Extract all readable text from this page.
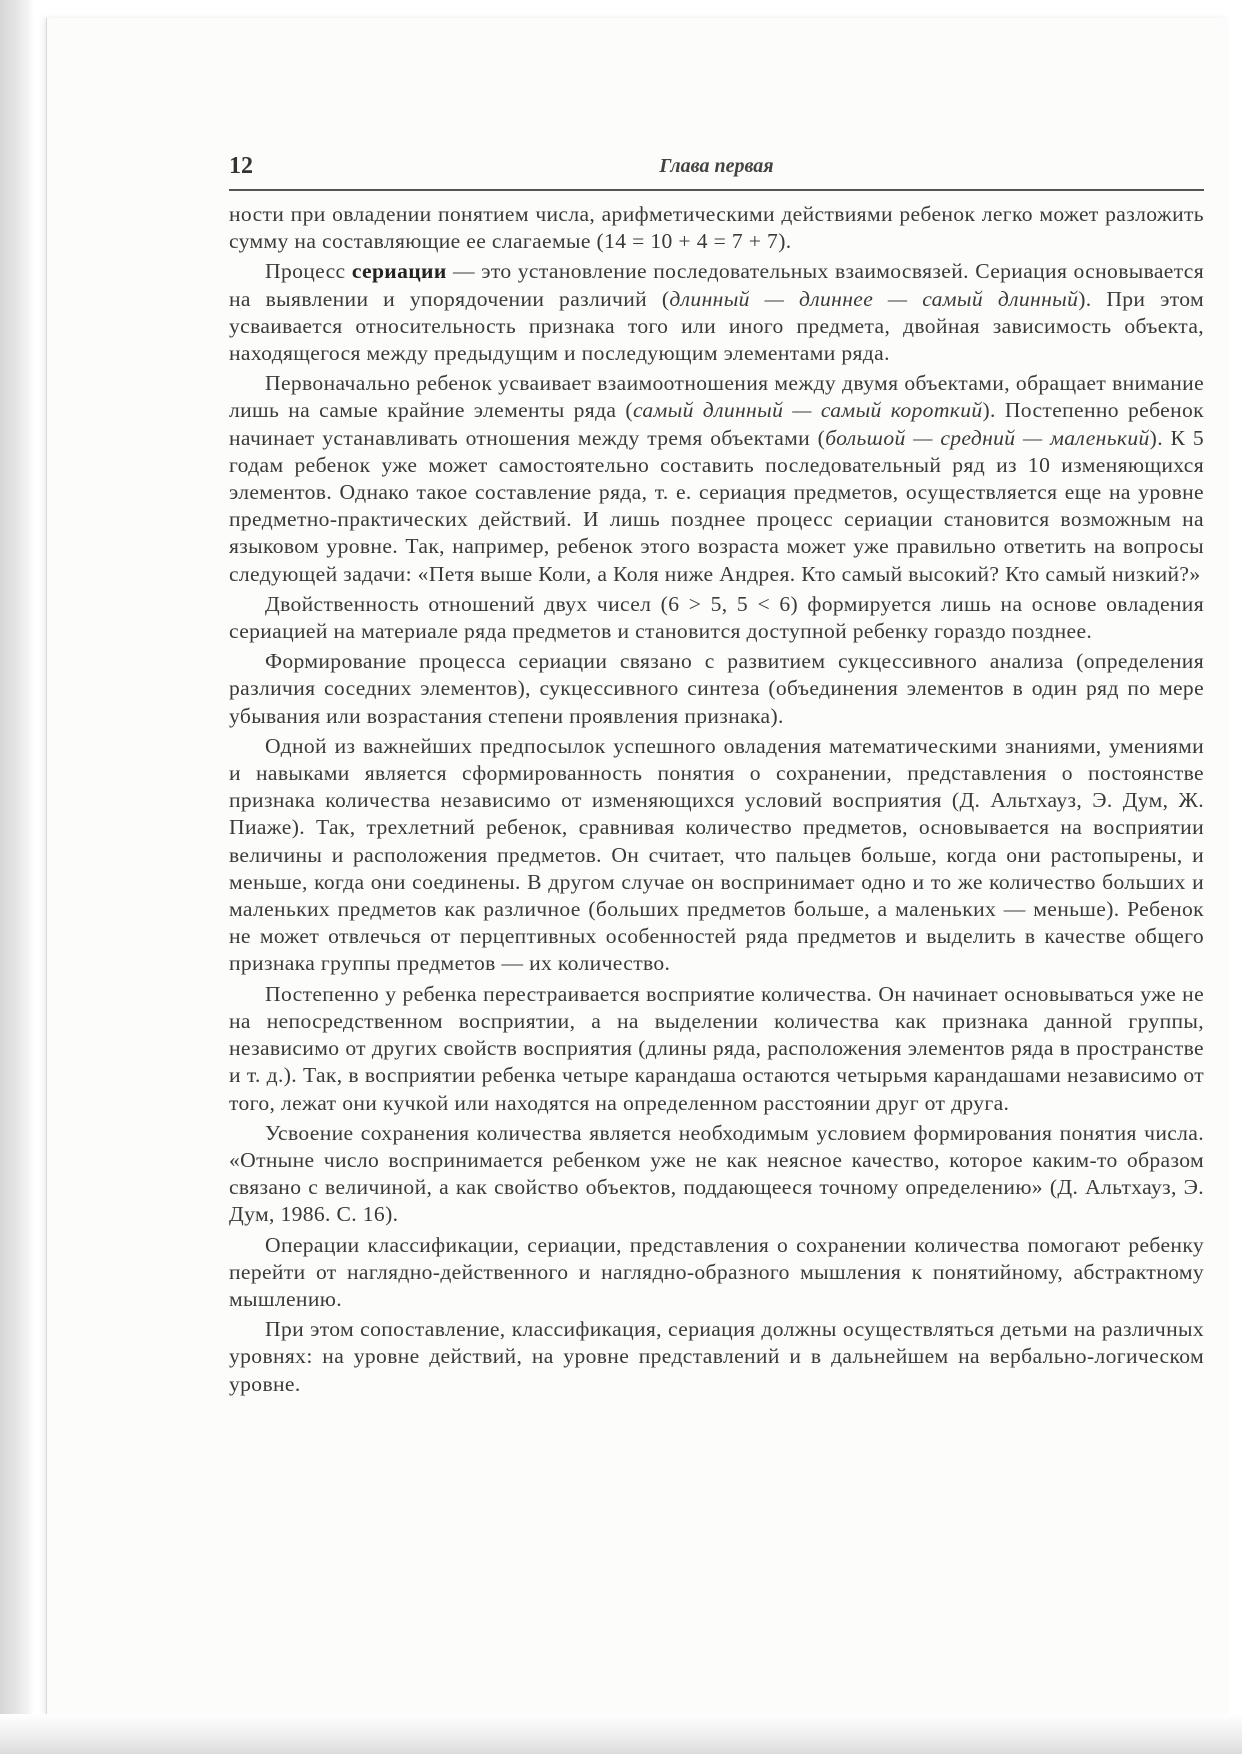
12	Глава первая

ности при овладении понятием числа, арифметическими действиями ребенок легко может разложить сумму на составляющие ее слагаемые (14 = 10 + 4 = 7 + 7).

Процесс сериации — это установление последовательных взаимосвязей. Сериация основывается на выявлении и упорядочении различий (длинный — длиннее — самый длинный). При этом усваивается относительность признака того или иного предмета, двойная зависимость объекта, находящегося между предыдущим и последующим элементами ряда.

Первоначально ребенок усваивает взаимоотношения между двумя объектами, обращает внимание лишь на самые крайние элементы ряда (самый длинный — самый короткий). Постепенно ребенок начинает устанавливать отношения между тремя объектами (большой — средний — маленький). К 5 годам ребенок уже может самостоятельно составить последовательный ряд из 10 изменяющихся элементов. Однако такое составление ряда, т. е. сериация предметов, осуществляется еще на уровне предметно-практических действий. И лишь позднее процесс сериации становится возможным на языковом уровне. Так, например, ребенок этого возраста может уже правильно ответить на вопросы следующей задачи: «Петя выше Коли, а Коля ниже Андрея. Кто самый высокий? Кто самый низкий?»

Двойственность отношений двух чисел (6 > 5, 5 < 6) формируется лишь на основе овладения сериацией на материале ряда предметов и становится доступной ребенку гораздо позднее.

Формирование процесса сериации связано с развитием сукцессивного анализа (определения различия соседних элементов), сукцессивного синтеза (объединения элементов в один ряд по мере убывания или возрастания степени проявления признака).

Одной из важнейших предпосылок успешного овладения математическими знаниями, умениями и навыками является сформированность понятия о сохранении, представления о постоянстве признака количества независимо от изменяющихся условий восприятия (Д. Альтхауз, Э. Дум, Ж. Пиаже). Так, трехлетний ребенок, сравнивая количество предметов, основывается на восприятии величины и расположения предметов. Он считает, что пальцев больше, когда они растопырены, и меньше, когда они соединены. В другом случае он воспринимает одно и то же количество больших и маленьких предметов как различное (больших предметов больше, а маленьких — меньше). Ребенок не может отвлечься от перцептивных особенностей ряда предметов и выделить в качестве общего признака группы предметов — их количество.

Постепенно у ребенка перестраивается восприятие количества. Он начинает основываться уже не на непосредственном восприятии, а на выделении количества как признака данной группы, независимо от других свойств восприятия (длины ряда, расположения элементов ряда в пространстве и т. д.). Так, в восприятии ребенка четыре карандаша остаются четырьмя карандашами независимо от того, лежат они кучкой или находятся на определенном расстоянии друг от друга.

Усвоение сохранения количества является необходимым условием формирования понятия числа. «Отныне число воспринимается ребенком уже не как неясное качество, которое каким-то образом связано с величиной, а как свойство объектов, поддающееся точному определению» (Д. Альтхауз, Э. Дум, 1986. С. 16).

Операции классификации, сериации, представления о сохранении количества помогают ребенку перейти от наглядно-действенного и наглядно-образного мышления к понятийному, абстрактному мышлению.

При этом сопоставление, классификация, сериация должны осуществляться детьми на различных уровнях: на уровне действий, на уровне представлений и в дальнейшем на вербально-логическом уровне.
